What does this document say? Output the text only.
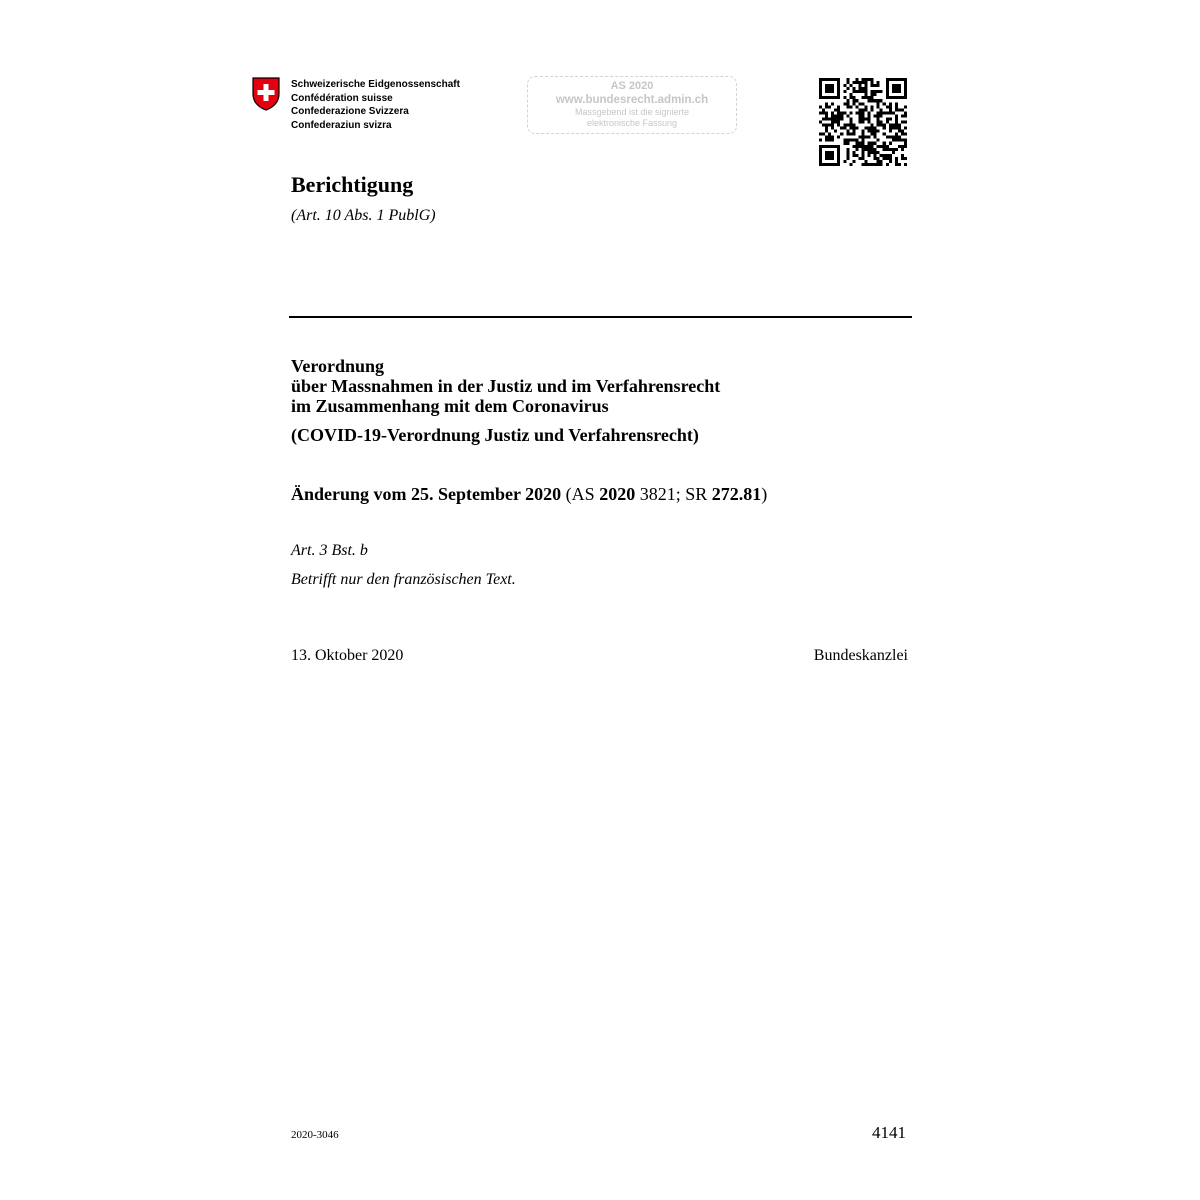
Schweizerische Eidgenossenschaft
Confédération suisse
Confederazione Svizzera
Confederaziun svizra
AS 2020
www.bundesrecht.admin.ch
Massgebend ist die signierte
elektronische Fassung
Berichtigung
(Art. 10 Abs. 1 PublG)
Verordnung
über Massnahmen in der Justiz und im Verfahrensrecht
im Zusammenhang mit dem Coronavirus
(COVID-19-Verordnung Justiz und Verfahrensrecht)
Änderung vom 25. September 2020 (AS 2020 3821; SR 272.81)
Art. 3 Bst. b
Betrifft nur den französischen Text.
13. Oktober 2020	Bundeskanzlei
2020-3046	4141
